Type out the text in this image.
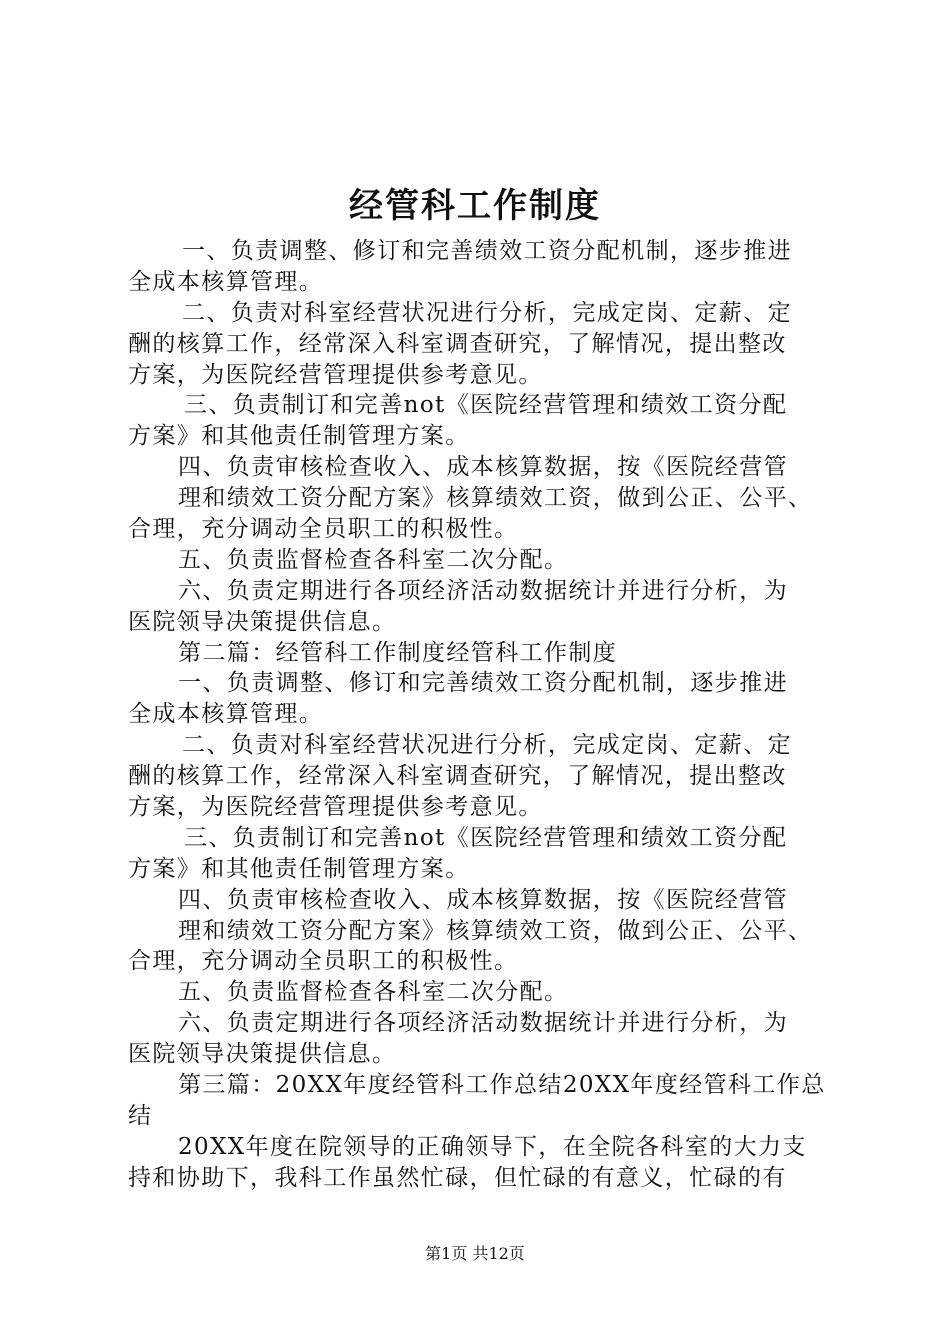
经管科工作制度
一、负责调整、修订和完善绩效工资分配机制，逐步推进
全成本核算管理。
二、负责对科室经营状况进行分析，完成定岗、定薪、定
酬的核算工作，经常深入科室调查研究，了解情况，提出整改
方案，为医院经营管理提供参考意见。
三、负责制订和完善not《医院经营管理和绩效工资分配
方案》和其他责任制管理方案。
四、负责审核检查收入、成本核算数据，按《医院经营管
理和绩效工资分配方案》核算绩效工资，做到公正、公平、
合理，充分调动全员职工的积极性。
五、负责监督检查各科室二次分配。
六、负责定期进行各项经济活动数据统计并进行分析，为
医院领导决策提供信息。
第二篇：经管科工作制度经管科工作制度
一、负责调整、修订和完善绩效工资分配机制，逐步推进
全成本核算管理。
二、负责对科室经营状况进行分析，完成定岗、定薪、定
酬的核算工作，经常深入科室调查研究，了解情况，提出整改
方案，为医院经营管理提供参考意见。
三、负责制订和完善not《医院经营管理和绩效工资分配
方案》和其他责任制管理方案。
四、负责审核检查收入、成本核算数据，按《医院经营管
理和绩效工资分配方案》核算绩效工资，做到公正、公平、
合理，充分调动全员职工的积极性。
五、负责监督检查各科室二次分配。
六、负责定期进行各项经济活动数据统计并进行分析，为
医院领导决策提供信息。
第三篇：20XX年度经管科工作总结20XX年度经管科工作总
结
20XX年度在院领导的正确领导下，在全院各科室的大力支
持和协助下，我科工作虽然忙碌，但忙碌的有意义，忙碌的有
第1页 共12页
